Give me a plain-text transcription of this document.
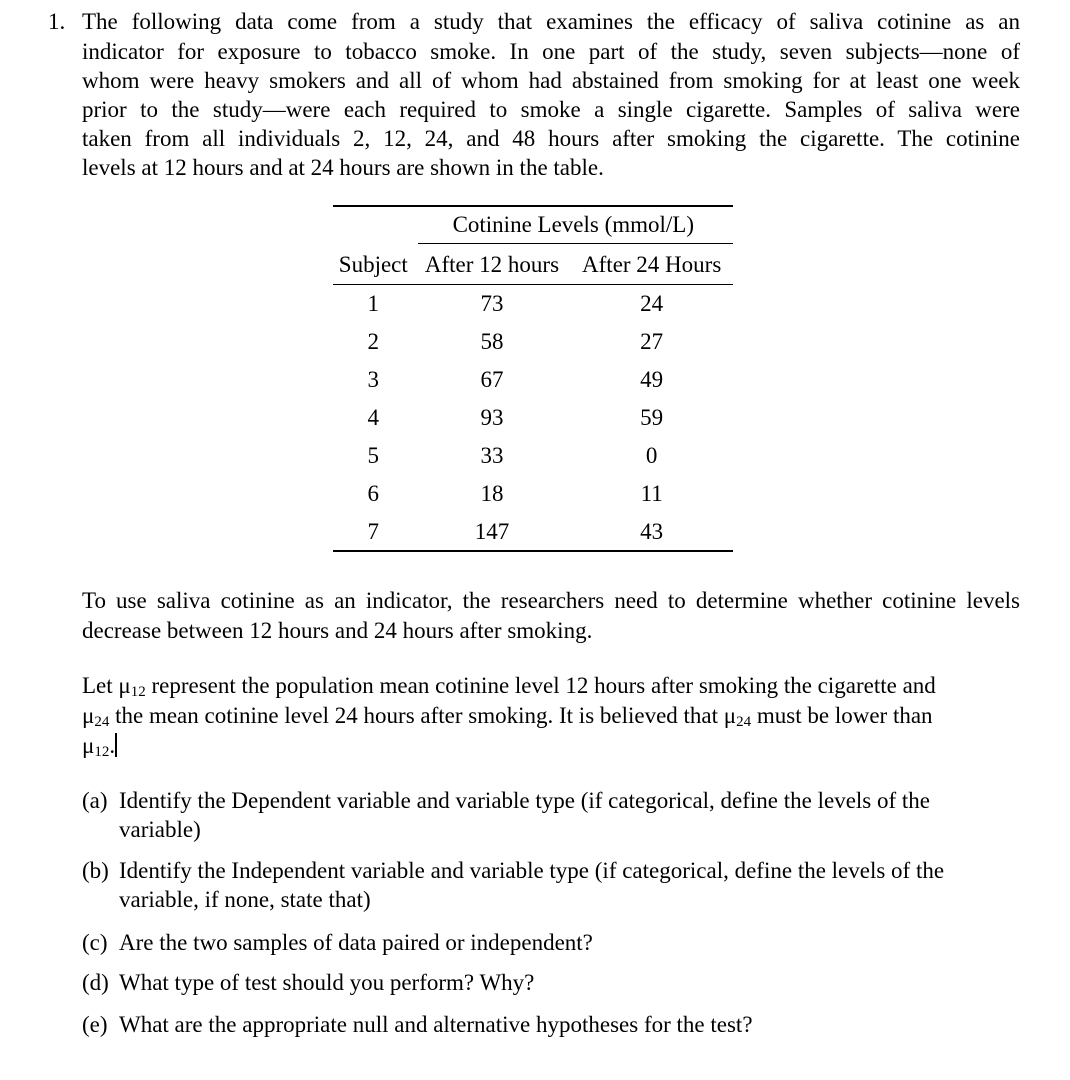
1. The following data come from a study that examines the efficacy of saliva cotinine as an
indicator for exposure to tobacco smoke. In one part of the study, seven subjects—none of
whom were heavy smokers and all of whom had abstained from smoking for at least one week
prior to the study—were each required to smoke a single cigarette. Samples of saliva were
taken from all individuals 2, 12, 24, and 48 hours after smoking the cigarette. The cotinine
levels at 12 hours and at 24 hours are shown in the table.
	Cotinine Levels (mmol/L)	
Subject	After 12 hours	After 24 Hours
1	73	24
2	58	27
3	67	49
4	93	59
5	33	0
6	18	11
7	147	43
To use saliva cotinine as an indicator, the researchers need to determine whether cotinine levels
decrease between 12 hours and 24 hours after smoking.
Let $\mu_{12}$ represent the population mean cotinine level 12 hours after smoking the cigarette and
$\mu_{24}$ the mean cotinine level 24 hours after smoking. It is believed that $\mu_{24}$ must be lower than
$\mu_{12}$.
(a) Identify the Dependent variable and variable type (if categorical, define the levels of the
variable)
(b) Identify the Independent variable and variable type (if categorical, define the levels of the
variable, if none, state that)
(c) Are the two samples of data paired or independent?
(d) What type of test should you perform? Why?
(e) What are the appropriate null and alternative hypotheses for the test?
